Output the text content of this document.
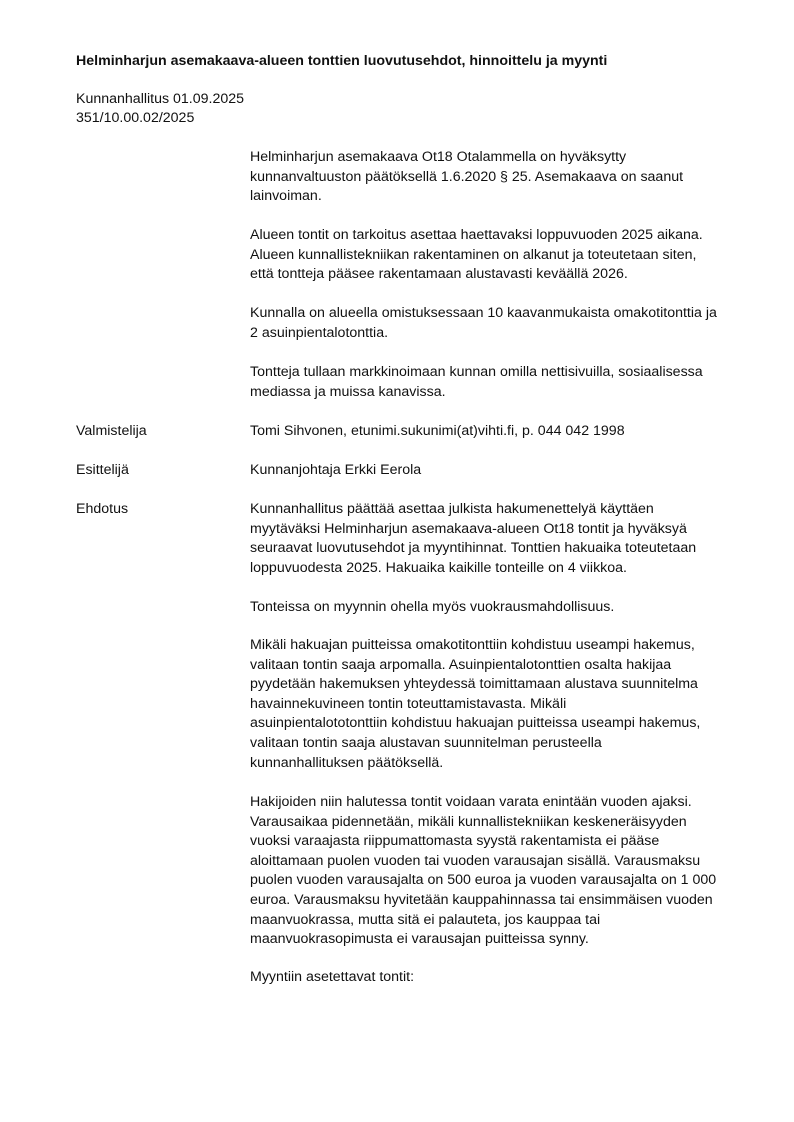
Helminharjun asemakaava-alueen tonttien luovutusehdot, hinnoittelu ja myynti
Kunnanhallitus 01.09.2025
351/10.00.02/2025

Helminharjun asemakaava Ot18 Otalammella on hyväksytty
kunnanvaltuuston päätöksellä 1.6.2020 § 25. Asemakaava on saanut
lainvoiman.

Alueen tontit on tarkoitus asettaa haettavaksi loppuvuoden 2025 aikana.
Alueen kunnallistekniikan rakentaminen on alkanut ja toteutetaan siten,
että tontteja pääsee rakentamaan alustavasti keväällä 2026.

Kunnalla on alueella omistuksessaan 10 kaavanmukaista omakotitonttia ja
2 asuinpientalotonttia.

Tontteja tullaan markkinoimaan kunnan omilla nettisivuilla, sosiaalisessa
mediassa ja muissa kanavissa.

Valmistelija	Tomi Sihvonen, etunimi.sukunimi(at)vihti.fi, p. 044 042 1998
Esittelijä	Kunnanjohtaja Erkki Eerola
Ehdotus	Kunnanhallitus päättää asettaa julkista hakumenettelyä käyttäen
myytäväksi Helminharjun asemakaava-alueen Ot18 tontit ja hyväksyä
seuraavat luovutusehdot ja myyntihinnat. Tonttien hakuaika toteutetaan
loppuvuodesta 2025. Hakuaika kaikille tonteille on 4 viikkoa.

Tonteissa on myynnin ohella myös vuokrausmahdollisuus.

Mikäli hakuajan puitteissa omakotitonttiin kohdistuu useampi hakemus,
valitaan tontin saaja arpomalla. Asuinpientalotonttien osalta hakijaa
pyydetään hakemuksen yhteydessä toimittamaan alustava suunnitelma
havainnekuvineen tontin toteuttamistavasta. Mikäli
asuinpientalototonttiin kohdistuu hakuajan puitteissa useampi hakemus,
valitaan tontin saaja alustavan suunnitelman perusteella
kunnanhallituksen päätöksellä.

Hakijoiden niin halutessa tontit voidaan varata enintään vuoden ajaksi.
Varausaikaa pidennetään, mikäli kunnallistekniikan keskeneräisyyden
vuoksi varaajasta riippumattomasta syystä rakentamista ei pääse
aloittamaan puolen vuoden tai vuoden varausajan sisällä. Varausmaksu
puolen vuoden varausajalta on 500 euroa ja vuoden varausajalta on 1 000
euroa. Varausmaksu hyvitetään kauppahinnassa tai ensimmäisen vuoden
maanvuokrassa, mutta sitä ei palauteta, jos kauppaa tai
maanvuokrasopimusta ei varausajan puitteissa synny.

Myyntiin asetettavat tontit:
